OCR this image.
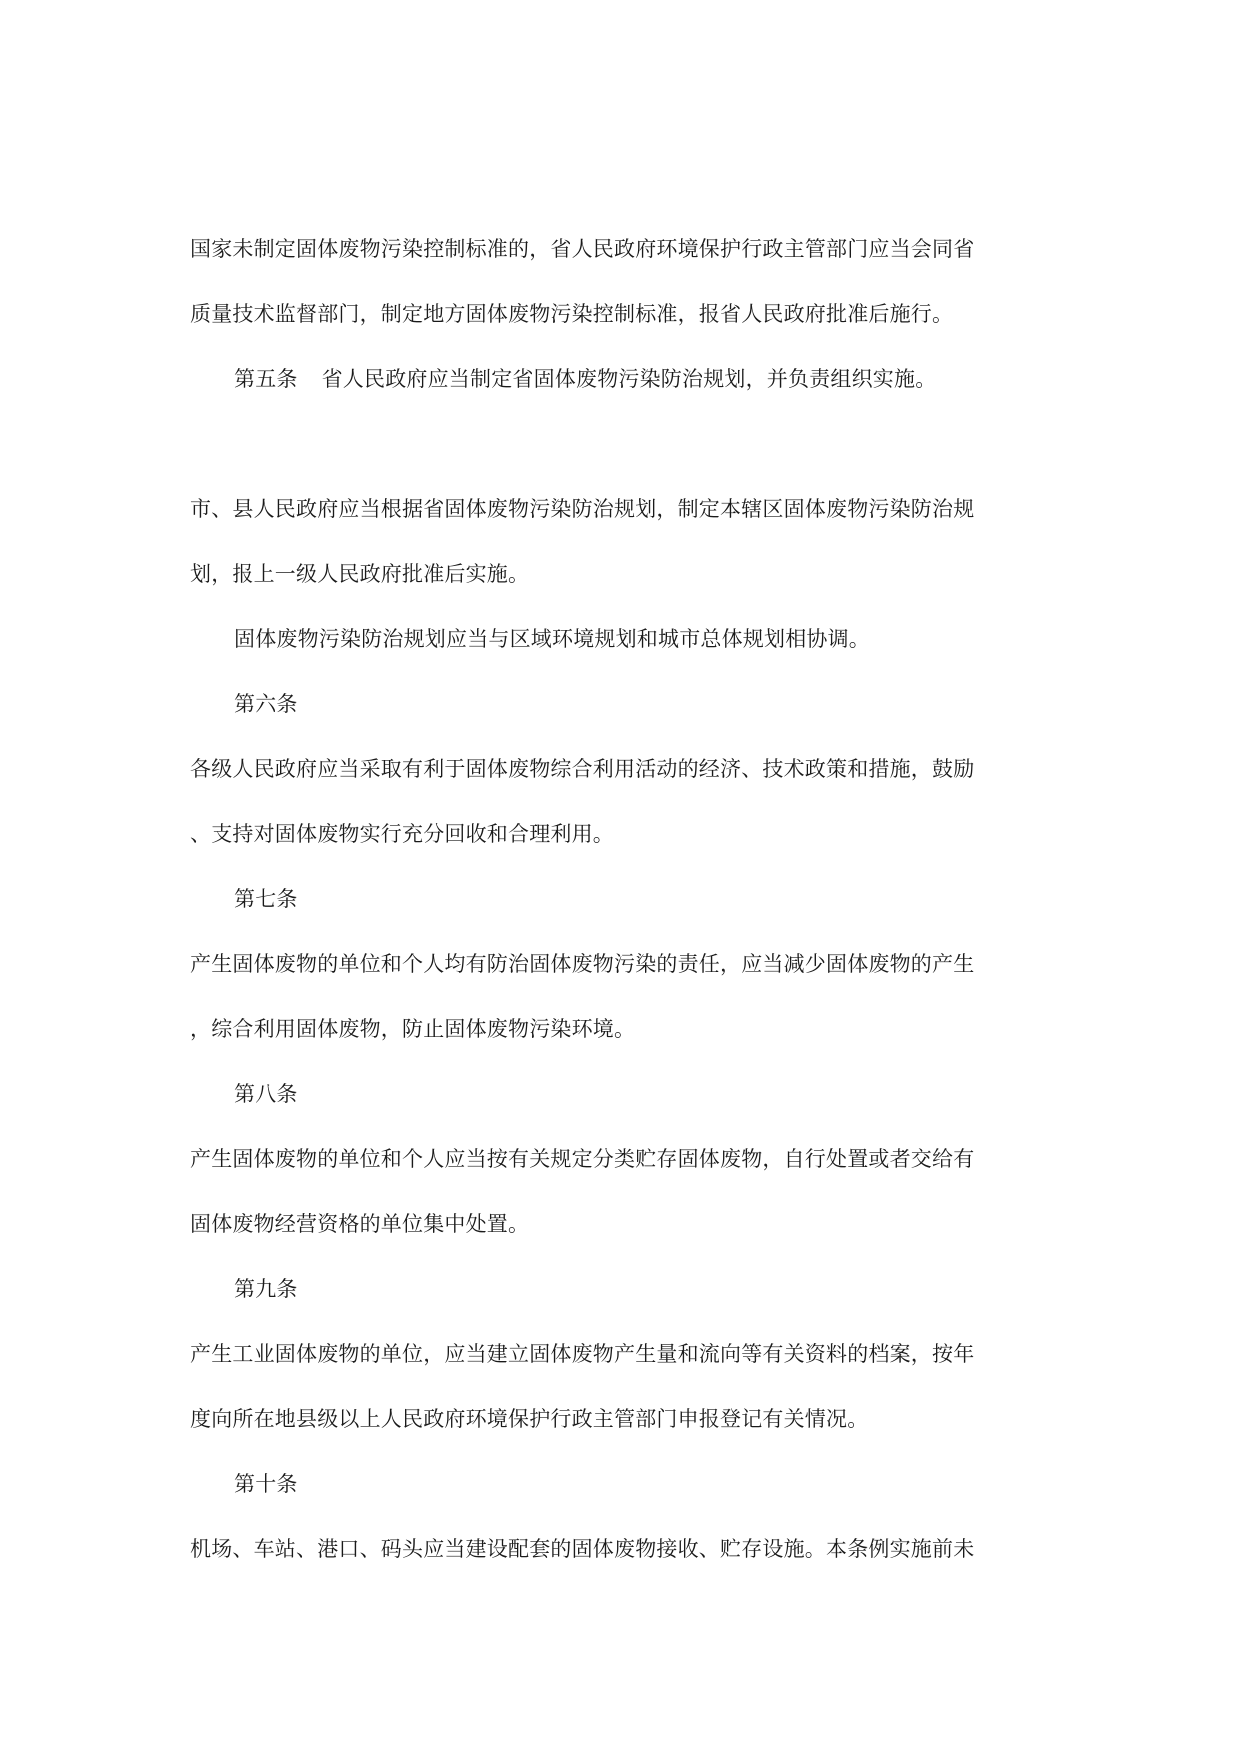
国家未制定固体废物污染控制标准的，省人民政府环境保护行政主管部门应当会同省
质量技术监督部门，制定地方固体废物污染控制标准，报省人民政府批准后施行。
第五条 省人民政府应当制定省固体废物污染防治规划，并负责组织实施。
市、县人民政府应当根据省固体废物污染防治规划，制定本辖区固体废物污染防治规
划，报上一级人民政府批准后实施。
固体废物污染防治规划应当与区域环境规划和城市总体规划相协调。
第六条
各级人民政府应当采取有利于固体废物综合利用活动的经济、技术政策和措施，鼓励
、支持对固体废物实行充分回收和合理利用。
第七条
产生固体废物的单位和个人均有防治固体废物污染的责任，应当减少固体废物的产生
，综合利用固体废物，防止固体废物污染环境。
第八条
产生固体废物的单位和个人应当按有关规定分类贮存固体废物，自行处置或者交给有
固体废物经营资格的单位集中处置。
第九条
产生工业固体废物的单位，应当建立固体废物产生量和流向等有关资料的档案，按年
度向所在地县级以上人民政府环境保护行政主管部门申报登记有关情况。
第十条
机场、车站、港口、码头应当建设配套的固体废物接收、贮存设施。本条例实施前未
